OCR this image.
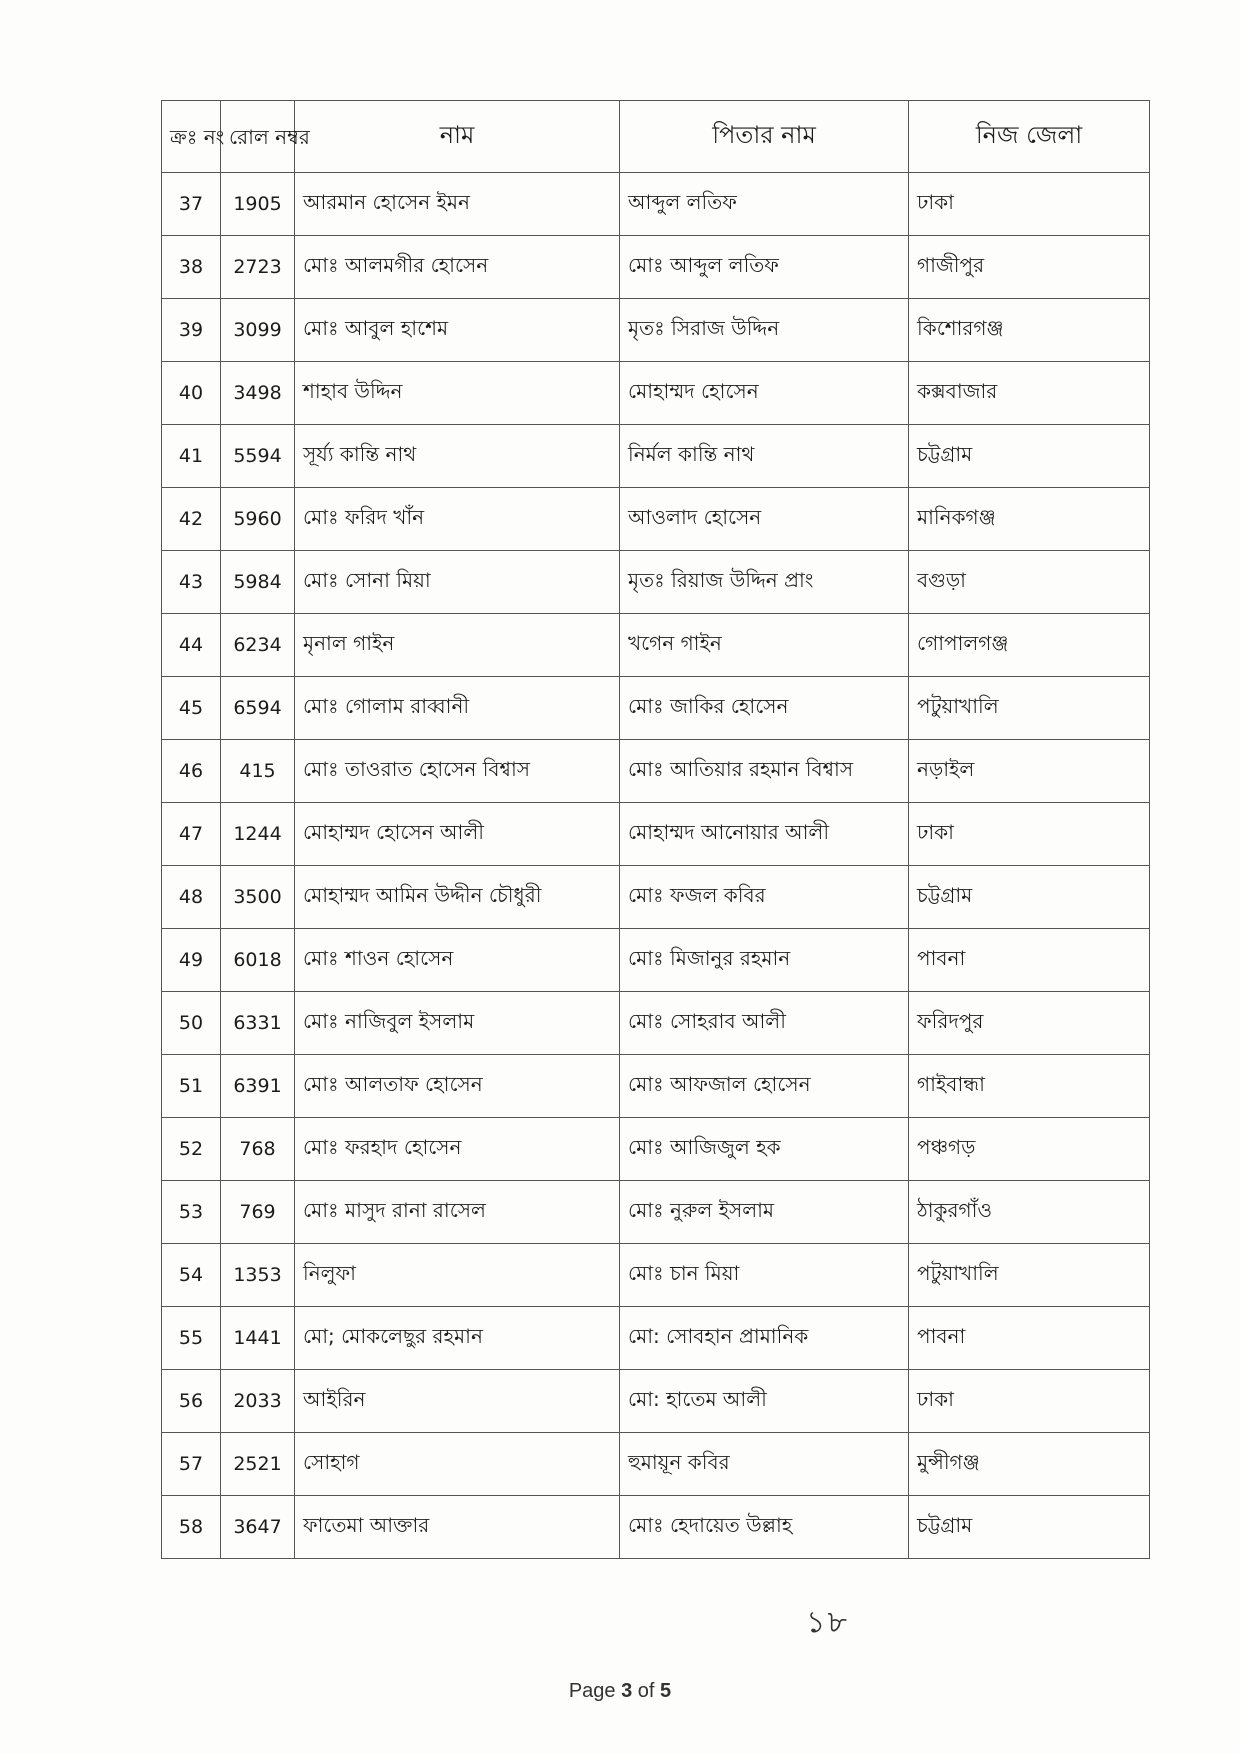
ক্রঃ নং	রোল নম্বর	নাম	পিতার নাম	নিজ জেলা
37	1905	আরমান হোসেন ইমন	আব্দুল লতিফ	ঢাকা
38	2723	মোঃ আলমগীর হোসেন	মোঃ আব্দুল লতিফ	গাজীপুর
39	3099	মোঃ আবুল হাশেম	মৃতঃ সিরাজ উদ্দিন	কিশোরগঞ্জ
40	3498	শাহাব উদ্দিন	মোহাম্মদ হোসেন	কক্সবাজার
41	5594	সূর্য্য কান্তি নাথ	নির্মল কান্তি নাথ	চট্টগ্রাম
42	5960	মোঃ ফরিদ খাঁন	আওলাদ হোসেন	মানিকগঞ্জ
43	5984	মোঃ সোনা মিয়া	মৃতঃ রিয়াজ উদ্দিন প্রাং	বগুড়া
44	6234	মৃনাল গাইন	খগেন গাইন	গোপালগঞ্জ
45	6594	মোঃ গোলাম রাব্বানী	মোঃ জাকির হোসেন	পটুয়াখালি
46	415	মোঃ তাওরাত হোসেন বিশ্বাস	মোঃ আতিয়ার রহমান বিশ্বাস	নড়াইল
47	1244	মোহাম্মদ হোসেন আলী	মোহাম্মদ আনোয়ার আলী	ঢাকা
48	3500	মোহাম্মদ আমিন উদ্দীন চৌধুরী	মোঃ ফজল কবির	চট্টগ্রাম
49	6018	মোঃ শাওন হোসেন	মোঃ মিজানুর রহমান	পাবনা
50	6331	মোঃ নাজিবুল ইসলাম	মোঃ সোহরাব আলী	ফরিদপুর
51	6391	মোঃ আলতাফ হোসেন	মোঃ আফজাল হোসেন	গাইবান্ধা
52	768	মোঃ ফরহাদ হোসেন	মোঃ আজিজুল হক	পঞ্চগড়
53	769	মোঃ মাসুদ রানা রাসেল	মোঃ নুরুল ইসলাম	ঠাকুরগাঁও
54	1353	নিলুফা	মোঃ চান মিয়া	পটুয়াখালি
55	1441	মো; মোকলেছুর রহমান	মো: সোবহান প্রামানিক	পাবনা
56	2033	আইরিন	মো: হাতেম আলী	ঢাকা
57	2521	সোহাগ	হুমায়ূন কবির	মুন্সীগঞ্জ
58	3647	ফাতেমা আক্তার	মোঃ হেদায়েত উল্লাহ	চট্টগ্রাম
১৮
Page 3 of 5
